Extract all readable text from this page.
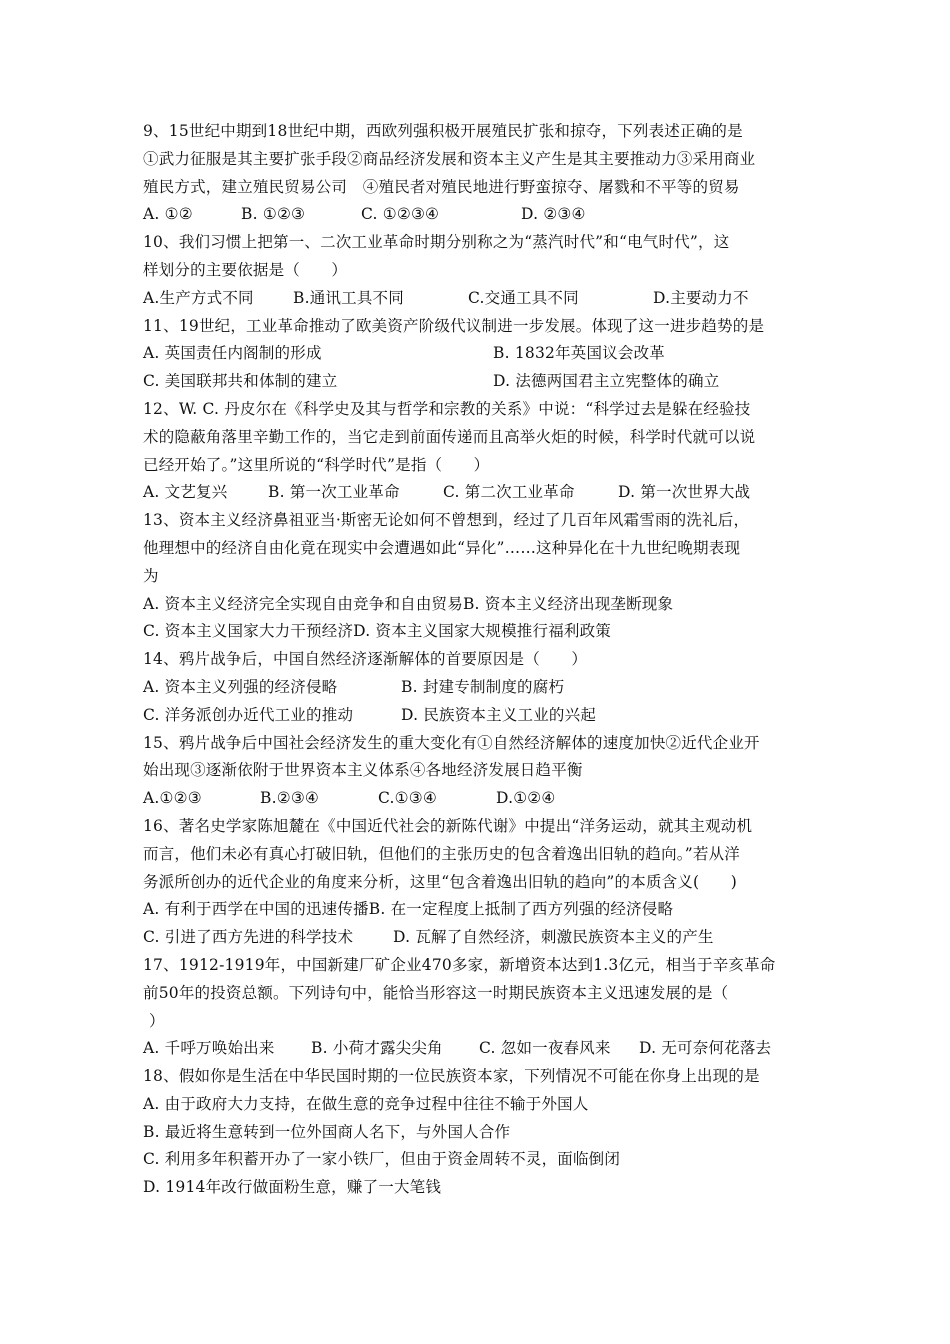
9、15世纪中期到18世纪中期，西欧列强积极开展殖民扩张和掠夺，下列表述正确的是
①武力征服是其主要扩张手段②商品经济发展和资本主义产生是其主要推动力③采用商业
殖民方式，建立殖民贸易公司　④殖民者对殖民地进行野蛮掠夺、屠戮和不平等的贸易
A. ①②	B. ①②③	C. ①②③④	D. ②③④
10、我们习惯上把第一、二次工业革命时期分别称之为“蒸汽时代”和“电气时代”，这
样划分的主要依据是（　　）
A.生产方式不同	B.通讯工具不同	C.交通工具不同	D.主要动力不
11、19世纪，工业革命推动了欧美资产阶级代议制进一步发展。体现了这一进步趋势的是
A. 英国责任内阁制的形成	B. 1832年英国议会改革
C. 美国联邦共和体制的建立	D. 法德两国君主立宪整体的确立
12、W. C. 丹皮尔在《科学史及其与哲学和宗教的关系》中说：“科学过去是躲在经验技
术的隐蔽角落里辛勤工作的，当它走到前面传递而且高举火炬的时候，科学时代就可以说
已经开始了。”这里所说的“科学时代”是指（　　）
A. 文艺复兴	B. 第一次工业革命	C. 第二次工业革命	D. 第一次世界大战
13、资本主义经济鼻祖亚当·斯密无论如何不曾想到，经过了几百年风霜雪雨的洗礼后，
他理想中的经济自由化竟在现实中会遭遇如此“异化”……这种异化在十九世纪晚期表现
为
A. 资本主义经济完全实现自由竞争和自由贸易B. 资本主义经济出现垄断现象
C. 资本主义国家大力干预经济D. 资本主义国家大规模推行福利政策
14、鸦片战争后，中国自然经济逐渐解体的首要原因是（　　）
A. 资本主义列强的经济侵略	B. 封建专制制度的腐朽
C. 洋务派创办近代工业的推动	D. 民族资本主义工业的兴起
15、鸦片战争后中国社会经济发生的重大变化有①自然经济解体的速度加快②近代企业开
始出现③逐渐依附于世界资本主义体系④各地经济发展日趋平衡
A.①②③	B.②③④	C.①③④	D.①②④
16、著名史学家陈旭麓在《中国近代社会的新陈代谢》中提出“洋务运动，就其主观动机
而言，他们未必有真心打破旧轨，但他们的主张历史的包含着逸出旧轨的趋向。”若从洋
务派所创办的近代企业的角度来分析，这里“包含着逸出旧轨的趋向”的本质含义(　　)
A. 有利于西学在中国的迅速传播B. 在一定程度上抵制了西方列强的经济侵略
C. 引进了西方先进的科学技术	D. 瓦解了自然经济，刺激民族资本主义的产生
17、1912-1919年，中国新建厂矿企业470多家，新增资本达到1.3亿元，相当于辛亥革命
前50年的投资总额。下列诗句中，能恰当形容这一时期民族资本主义迅速发展的是（
）
A. 千呼万唤始出来 B. 小荷才露尖尖角 C. 忽如一夜春风来 D. 无可奈何花落去
18、假如你是生活在中华民国时期的一位民族资本家，下列情况不可能在你身上出现的是
A. 由于政府大力支持，在做生意的竞争过程中往往不输于外国人
B. 最近将生意转到一位外国商人名下，与外国人合作
C. 利用多年积蓄开办了一家小铁厂，但由于资金周转不灵，面临倒闭
D. 1914年改行做面粉生意，赚了一大笔钱
